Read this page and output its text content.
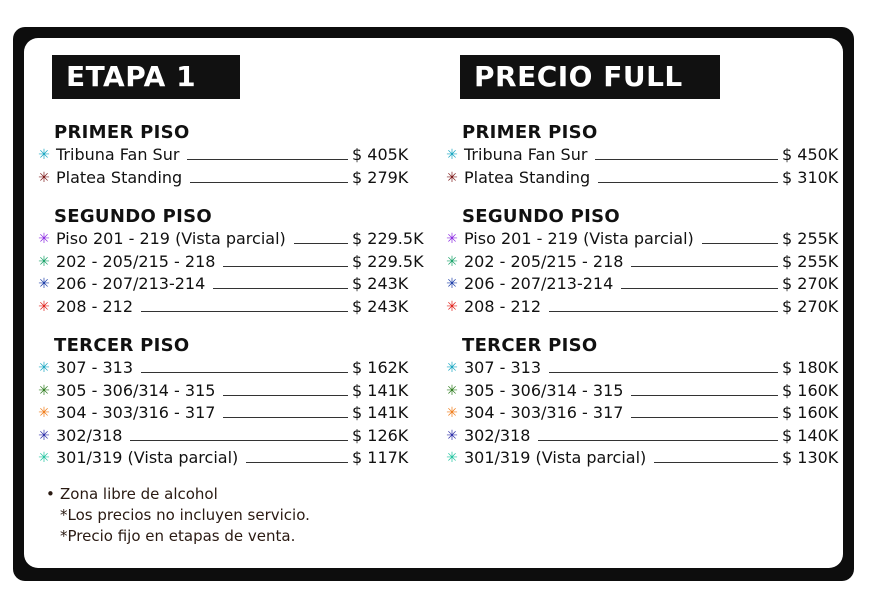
ETAPA 1
PRIMER PISO
✳ Tribuna Fan Sur	$ 405K
✳ Platea Standing	$ 279K
SEGUNDO PISO
✳ Piso 201 - 219 (Vista parcial)	$ 229.5K
✳ 202 - 205/215 - 218	$ 229.5K
✳ 206 - 207/213-214	$ 243K
✳ 208 - 212	$ 243K
TERCER PISO
✳ 307 - 313	$ 162K
✳ 305 - 306/314 - 315	$ 141K
✳ 304 - 303/316 - 317	$ 141K
✳ 302/318	$ 126K
✳ 301/319 (Vista parcial)	$ 117K
PRECIO FULL
PRIMER PISO
✳ Tribuna Fan Sur	$ 450K
✳ Platea Standing	$ 310K
SEGUNDO PISO
✳ Piso 201 - 219 (Vista parcial)	$ 255K
✳ 202 - 205/215 - 218	$ 255K
✳ 206 - 207/213-214	$ 270K
✳ 208 - 212	$ 270K
TERCER PISO
✳ 307 - 313	$ 180K
✳ 305 - 306/314 - 315	$ 160K
✳ 304 - 303/316 - 317	$ 160K
✳ 302/318	$ 140K
✳ 301/319 (Vista parcial)	$ 130K
• Zona libre de alcohol
*Los precios no incluyen servicio.
*Precio fijo en etapas de venta.
